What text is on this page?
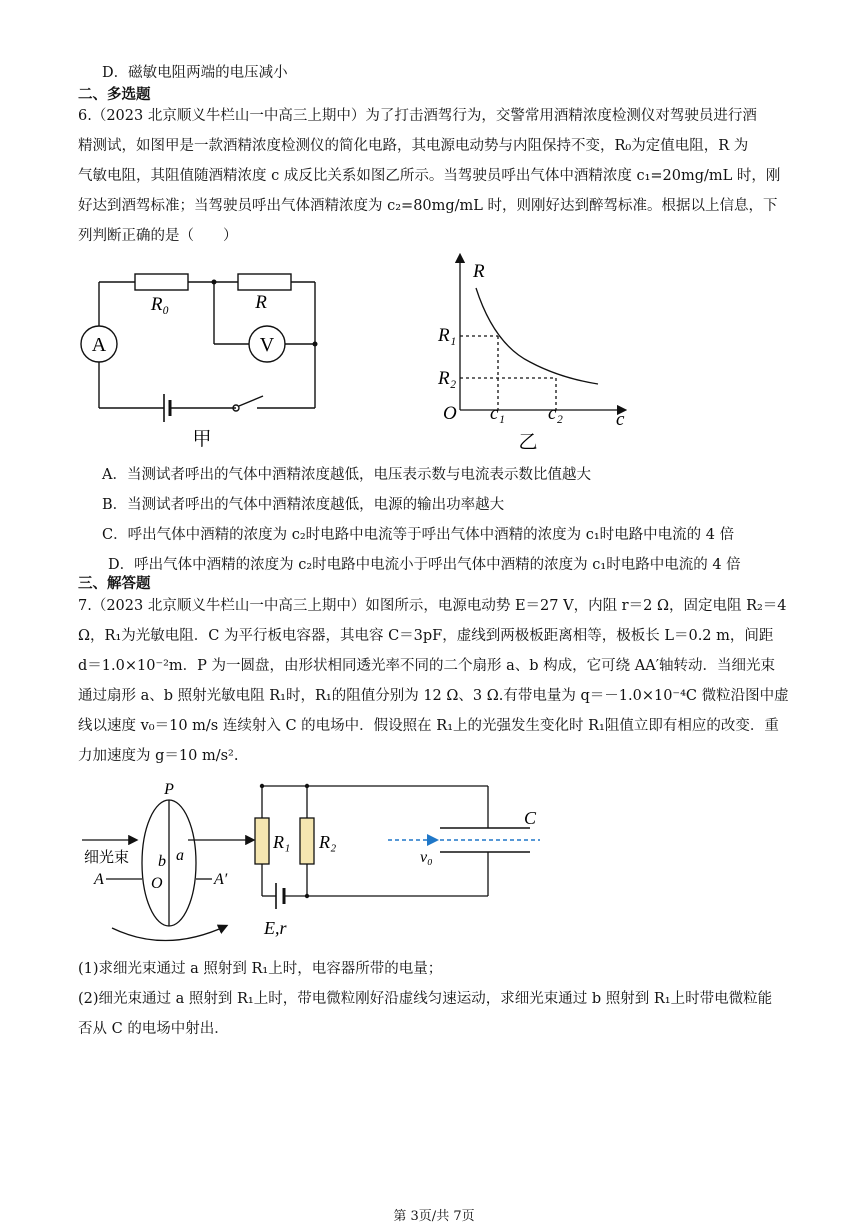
D．磁敏电阻两端的电压减小
二、多选题
6.（2023 北京顺义牛栏山一中高三上期中）为了打击酒驾行为，交警常用酒精浓度检测仪对驾驶员进行酒
精测试，如图甲是一款酒精浓度检测仪的简化电路，其电源电动势与内阻保持不变，R₀为定值电阻，R 为
气敏电阻，其阻值随酒精浓度 c 成反比关系如图乙所示。当驾驶员呼出气体中酒精浓度 c₁=20mg/mL 时，刚
好达到酒驾标准；当驾驶员呼出气体酒精浓度为 c₂=80mg/mL 时，则刚好达到醉驾标准。根据以上信息，下
列判断正确的是（　　）
A	V
R₀	R
甲
R
c
O
R₁
R₂
c₁ c₂
乙
A．当测试者呼出的气体中酒精浓度越低，电压表示数与电流表示数比值越大
B．当测试者呼出的气体中酒精浓度越低，电源的输出功率越大
C．呼出气体中酒精的浓度为 c₂时电路中电流等于呼出气体中酒精的浓度为 c₁时电路中电流的 4 倍
D．呼出气体中酒精的浓度为 c₂时电路中电流小于呼出气体中酒精的浓度为 c₁时电路中电流的 4 倍
三、解答题
7.（2023 北京顺义牛栏山一中高三上期中）如图所示，电源电动势 E＝27 V，内阻 r＝2 Ω，固定电阻 R₂＝4
Ω，R₁为光敏电阻．C 为平行板电容器，其电容 C＝3pF，虚线到两极板距离相等，极板长 L＝0.2 m，间距
d＝1.0×10⁻²m．P 为一圆盘，由形状相同透光率不同的二个扇形 a、b 构成，它可绕 AA′轴转动．当细光束
通过扇形 a、b 照射光敏电阻 R₁时，R₁的阻值分别为 12 Ω、3 Ω.有带电量为 q＝－1.0×10⁻⁴C 微粒沿图中虚
线以速度 v₀＝10 m/s 连续射入 C 的电场中．假设照在 R₁上的光强发生变化时 R₁阻值立即有相应的改变．重
力加速度为 g＝10 m/s².
P
细光束
A	A′
b a
O
R₁ R₂
C
v₀
E,r
(1)求细光束通过 a 照射到 R₁上时，电容器所带的电量；
(2)细光束通过 a 照射到 R₁上时，带电微粒刚好沿虚线匀速运动，求细光束通过 b 照射到 R₁上时带电微粒能
否从 C 的电场中射出．
第 3页/共 7页
